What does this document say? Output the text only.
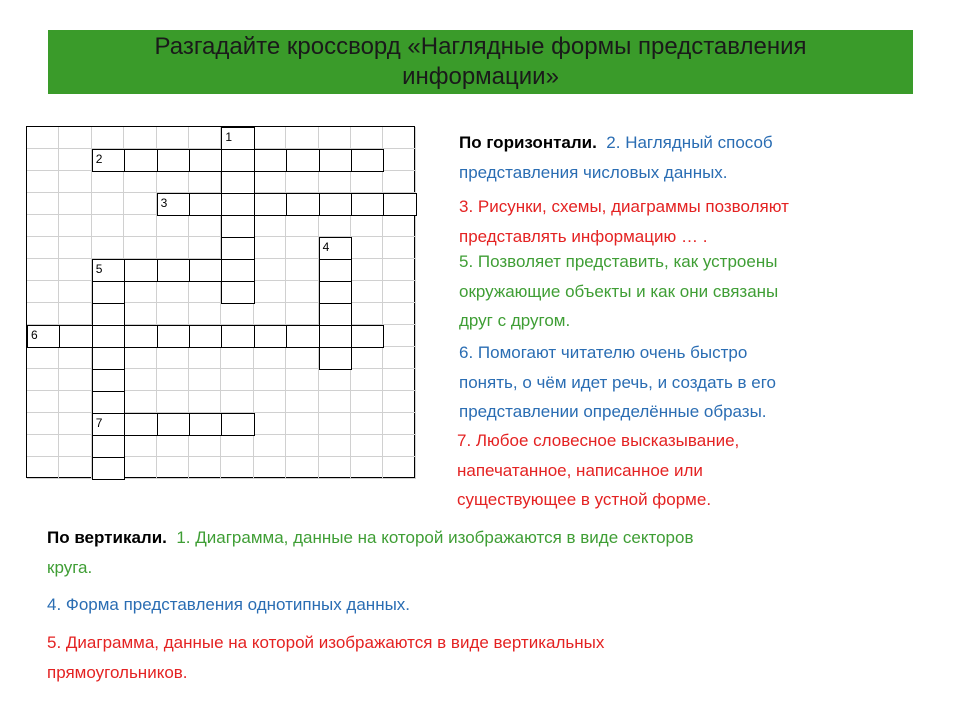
Разгадайте кроссворд «Наглядные формы представления
информации»
1
2
3
4
5
6
7
По горизонтали. 2. Наглядный способ
представления числовых данных.
3. Рисунки, схемы, диаграммы позволяют
представлять информацию … .
5. Позволяет представить, как устроены
окружающие объекты и как они связаны
друг с другом.
6. Помогают читателю очень быстро
понять, о чём идет речь, и создать в его
представлении определённые образы.
7. Любое словесное высказывание,
напечатанное, написанное или
существующее в устной форме.
По вертикали. 1. Диаграмма, данные на которой изображаются в виде секторов
круга.
4. Форма представления однотипных данных.
5. Диаграмма, данные на которой изображаются в виде вертикальных
прямоугольников.
